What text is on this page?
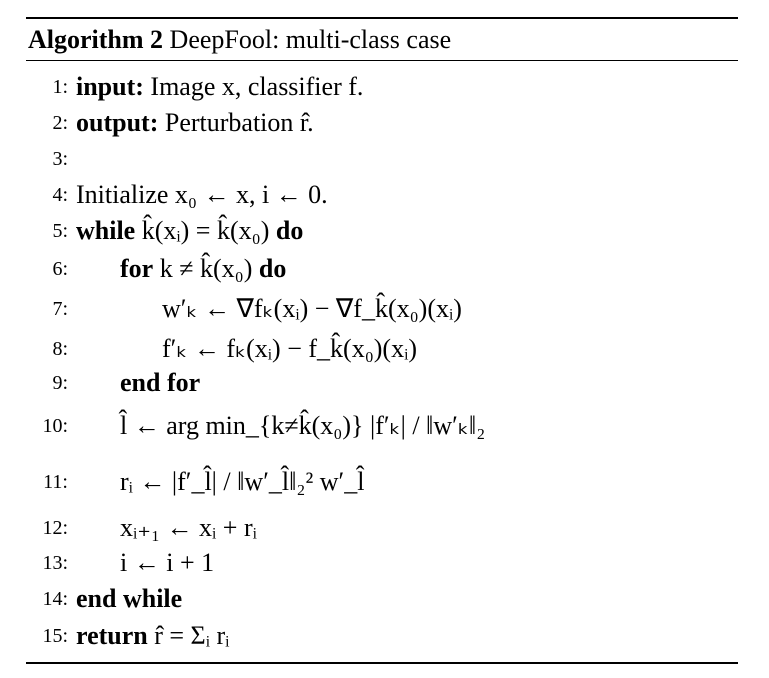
Algorithm 2 DeepFool: multi-class case
1: input: Image x, classifier f.
2: output: Perturbation r̂.
3:
4: Initialize x₀ ← x, i ← 0.
5: while k̂(xᵢ) = k̂(x₀) do
6: for k ≠ k̂(x₀) do
7:	w′ₖ ← ∇fₖ(xᵢ) − ∇f_k̂(x₀)(xᵢ)
8:	f′ₖ ← fₖ(xᵢ) − f_k̂(x₀)(xᵢ)
9: end for
10: l̂ ← arg min_{k≠k̂(x₀)} |f′ₖ| / ‖w′ₖ‖₂
11: rᵢ ← |f′_l̂| / ‖w′_l̂‖₂² w′_l̂
12: xᵢ₊₁ ← xᵢ + rᵢ
13: i ← i + 1
14: end while
15: return r̂ = Σᵢ rᵢ
